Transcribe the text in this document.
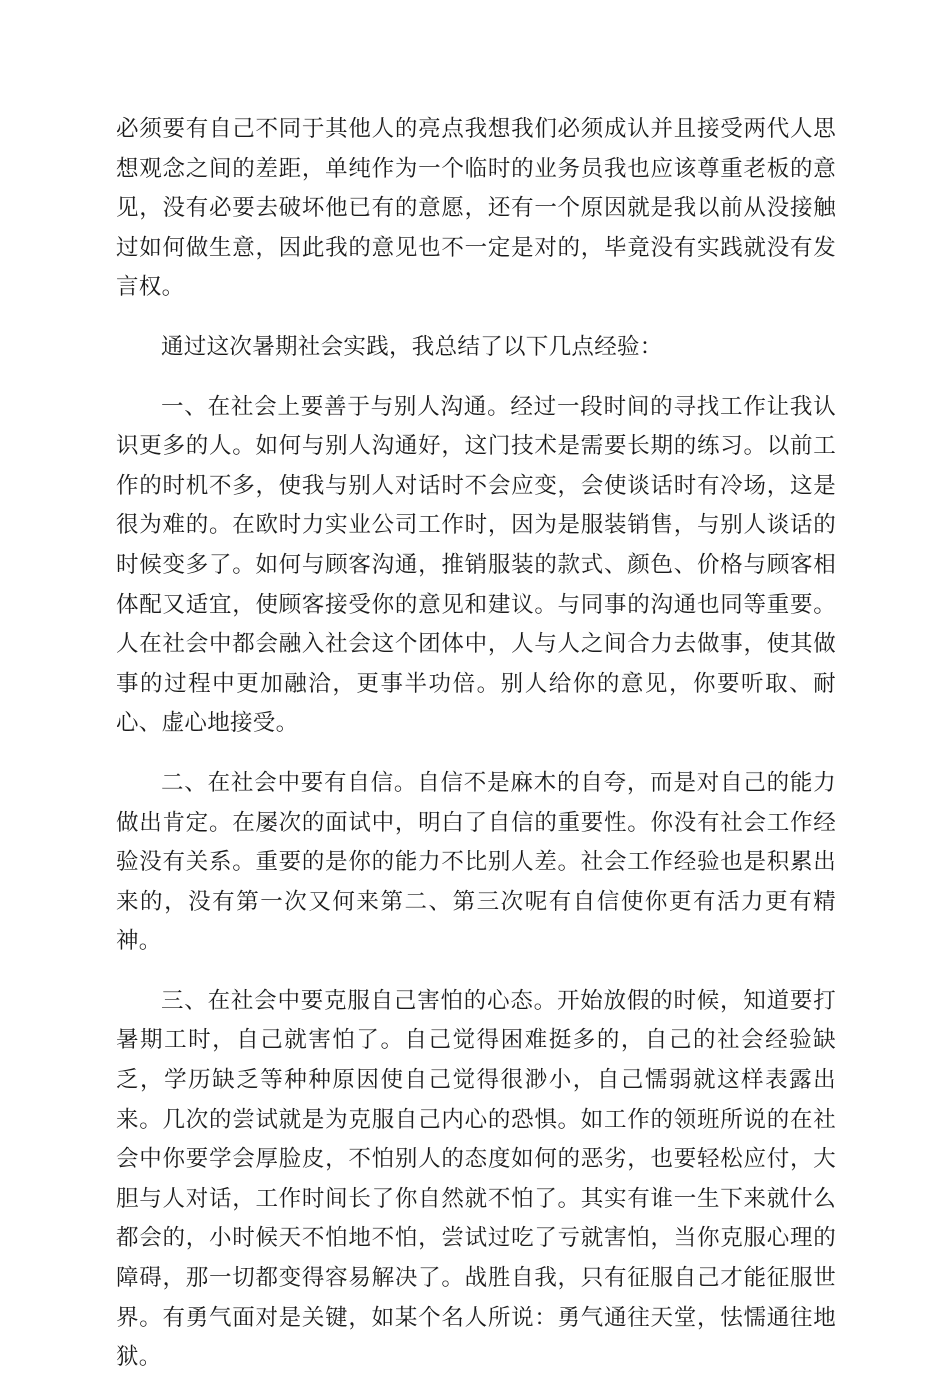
必须要有自己不同于其他人的亮点我想我们必须成认并且接受两代人思想观念之间的差距，单纯作为一个临时的业务员我也应该尊重老板的意见，没有必要去破坏他已有的意愿，还有一个原因就是我以前从没接触过如何做生意，因此我的意见也不一定是对的，毕竟没有实践就没有发言权。

通过这次暑期社会实践，我总结了以下几点经验：

一、在社会上要善于与别人沟通。经过一段时间的寻找工作让我认识更多的人。如何与别人沟通好，这门技术是需要长期的练习。以前工作的时机不多，使我与别人对话时不会应变，会使谈话时有冷场，这是很为难的。在欧时力实业公司工作时，因为是服装销售，与别人谈话的时候变多了。如何与顾客沟通，推销服装的款式、颜色、价格与顾客相体配又适宜，使顾客接受你的意见和建议。与同事的沟通也同等重要。人在社会中都会融入社会这个团体中，人与人之间合力去做事，使其做事的过程中更加融洽，更事半功倍。别人给你的意见，你要听取、耐心、虚心地接受。

二、在社会中要有自信。自信不是麻木的自夸，而是对自己的能力做出肯定。在屡次的面试中，明白了自信的重要性。你没有社会工作经验没有关系。重要的是你的能力不比别人差。社会工作经验也是积累出来的，没有第一次又何来第二、第三次呢有自信使你更有活力更有精神。

三、在社会中要克服自己害怕的心态。开始放假的时候，知道要打暑期工时，自己就害怕了。自己觉得困难挺多的，自己的社会经验缺乏，学历缺乏等种种原因使自己觉得很渺小，自己懦弱就这样表露出来。几次的尝试就是为克服自己内心的恐惧。如工作的领班所说的在社会中你要学会厚脸皮，不怕别人的态度如何的恶劣，也要轻松应付，大胆与人对话，工作时间长了你自然就不怕了。其实有谁一生下来就什么都会的，小时候天不怕地不怕，尝试过吃了亏就害怕，当你克服心理的障碍，那一切都变得容易解决了。战胜自我，只有征服自己才能征服世界。有勇气面对是关键，如某个名人所说：勇气通往天堂，怯懦通往地狱。
